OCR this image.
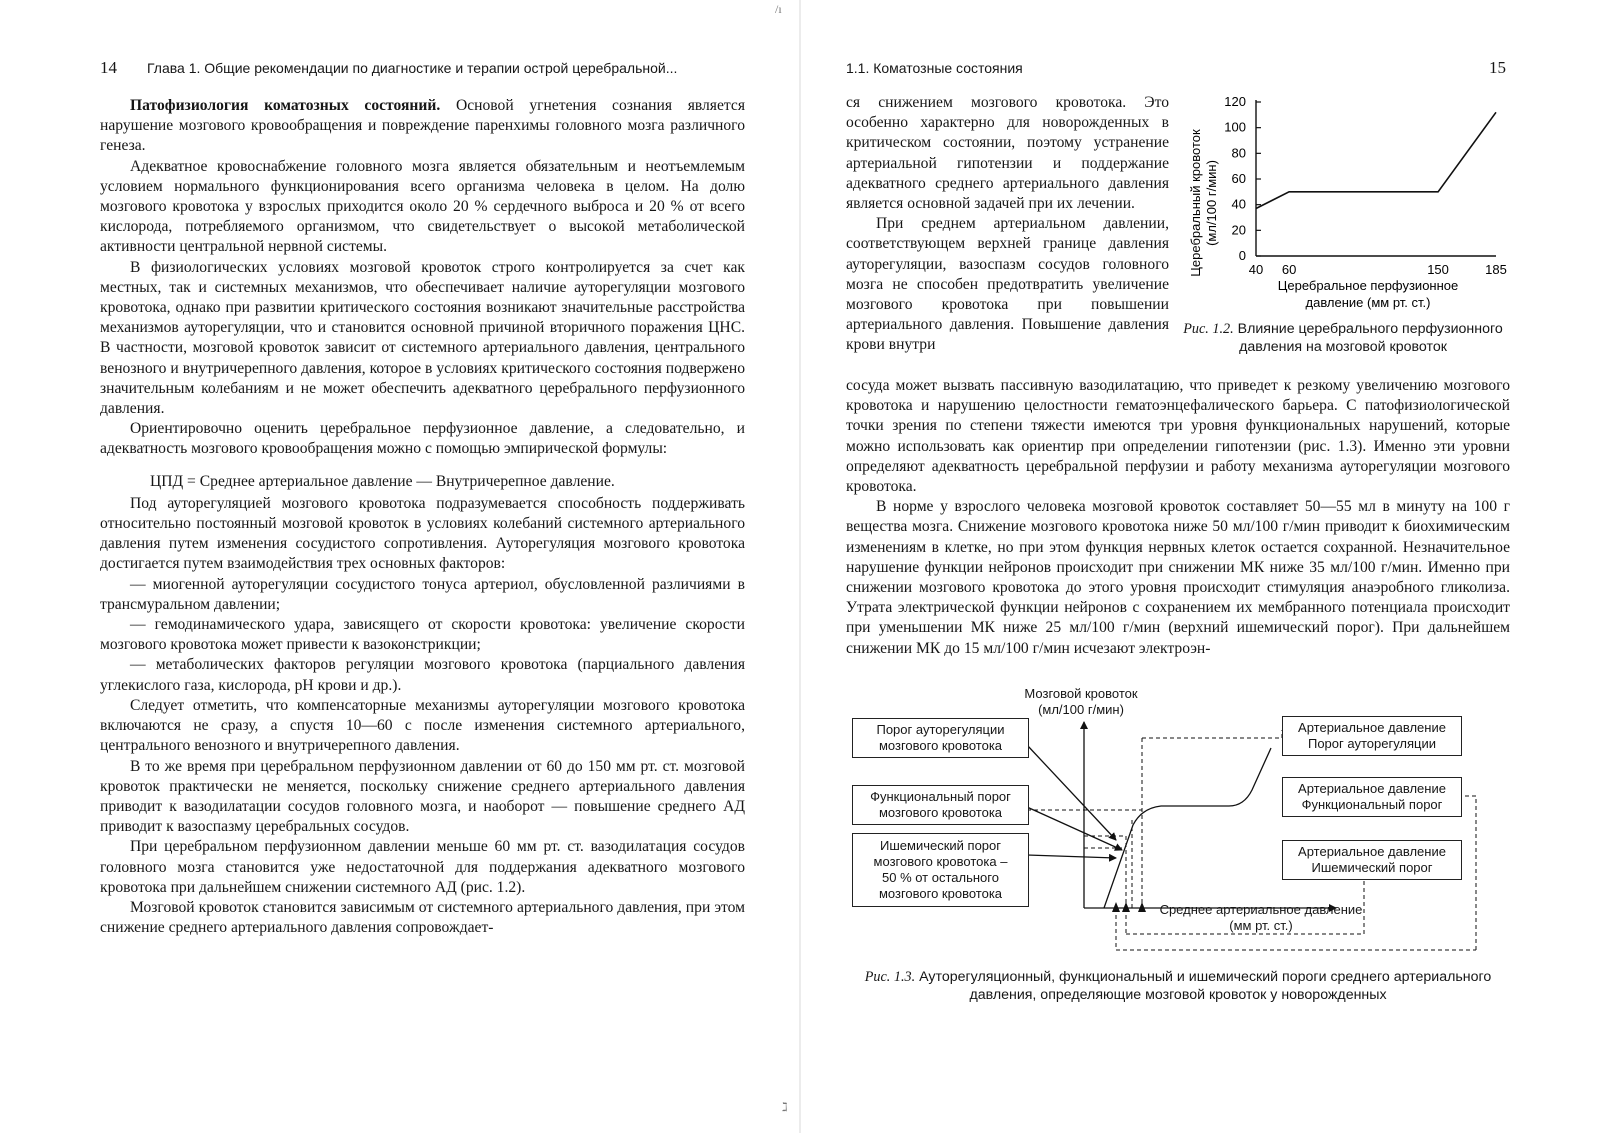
14 Глава 1. Общие рекомендации по диагностике и терапии острой церебральной...

Патофизиология коматозных состояний. Основой угнетения сознания является нарушение мозгового кровообращения и повреждение паренхимы головного мозга различного генеза.

Адекватное кровоснабжение головного мозга является обязательным и неотъемлемым условием нормального функционирования всего организма человека в целом. На долю мозгового кровотока у взрослых приходится около 20 % сердечного выброса и 20 % от всего кислорода, потребляемого организмом, что свидетельствует о высокой метаболической активности центральной нервной системы.

В физиологических условиях мозговой кровоток строго контролируется за счет как местных, так и системных механизмов, что обеспечивает наличие ауторегуляции мозгового кровотока, однако при развитии критического состояния возникают значительные расстройства механизмов ауторегуляции, что и становится основной причиной вторичного поражения ЦНС. В частности, мозговой кровоток зависит от системного артериального давления, центрального венозного и внутричерепного давления, которое в условиях критического состояния подвержено значительным колебаниям и не может обеспечить адекватного церебрального перфузионного давления.

Ориентировочно оценить церебральное перфузионное давление, а следовательно, и адекватность мозгового кровообращения можно с помощью эмпирической формулы:

ЦПД = Среднее артериальное давление — Внутричерепное давление.

Под ауторегуляцией мозгового кровотока подразумевается способность поддерживать относительно постоянный мозговой кровоток в условиях колебаний системного артериального давления путем изменения сосудистого сопротивления. Ауторегуляция мозгового кровотока достигается путем взаимодействия трех основных факторов:

— миогенной ауторегуляции сосудистого тонуса артериол, обусловленной различиями в трансмуральном давлении;

— гемодинамического удара, зависящего от скорости кровотока: увеличение скорости мозгового кровотока может привести к вазоконстрикции;

— метаболических факторов регуляции мозгового кровотока (парциального давления углекислого газа, кислорода, рН крови и др.).

Следует отметить, что компенсаторные механизмы ауторегуляции мозгового кровотока включаются не сразу, а спустя 10—60 с после изменения системного артериального, центрального венозного и внутричерепного давления.

В то же время при церебральном перфузионном давлении от 60 до 150 мм рт. ст. мозговой кровоток практически не меняется, поскольку снижение среднего артериального давления приводит к вазодилатации сосудов головного мозга, и наоборот — повышение среднего АД приводит к вазоспазму церебральных сосудов.

При церебральном перфузионном давлении меньше 60 мм рт. ст. вазодилатация сосудов головного мозга становится уже недостаточной для поддержания адекватного мозгового кровотока при дальнейшем снижении системного АД (рис. 1.2).

Мозговой кровоток становится зависимым от системного артериального давления, при этом снижение среднего артериального давления сопровождает-

1.1. Коматозные состояния	15

ся снижением мозгового кровотока. Это особенно характерно для новорожденных в критическом состоянии, поэтому устранение артериальной гипотензии и поддержание адекватного среднего артериального давления является основной задачей при их лечении.

При среднем артериальном давлении, соответствующем верхней границе давления ауторегуляции, вазоспазм сосудов головного мозга не способен предотвратить увеличение мозгового кровотока при повышении артериального давления. Повышение давления крови внутри

0
20
40
60
80
100
120
40 60	150	185
Церебральный кровоток (мл/100 г/мин)
Церебральное перфузионное
давление (мм рт. ст.)
Рис. 1.2. Влияние церебрального перфузионного давления на мозговой кровоток

сосуда может вызвать пассивную вазодилатацию, что приведет к резкому увеличению мозгового кровотока и нарушению целостности гематоэнцефалического барьера. С патофизиологической точки зрения по степени тяжести имеются три уровня функциональных нарушений, которые можно использовать как ориентир при определении гипотензии (рис. 1.3). Именно эти уровни определяют адекватность церебральной перфузии и работу механизма ауторегуляции мозгового кровотока.

В норме у взрослого человека мозговой кровоток составляет 50—55 мл в минуту на 100 г вещества мозга. Снижение мозгового кровотока ниже 50 мл/100 г/мин приводит к биохимическим изменениям в клетке, но при этом функция нервных клеток остается сохранной. Незначительное нарушение функции нейронов происходит при снижении МК ниже 35 мл/100 г/мин. Именно при снижении мозгового кровотока до этого уровня происходит стимуляция анаэробного гликолиза. Утрата электрической функции нейронов с сохранением их мембранного потенциала происходит при уменьшении МК ниже 25 мл/100 г/мин (верхний ишемический порог). При дальнейшем снижении МК до 15 мл/100 г/мин исчезают электроэн-

Мозговой кровоток
(мл/100 г/мин)
Среднее артериальное давление
(мм рт. ст.)
Порог ауторегуляции
мозгового кровотока
Функциональный порог
мозгового кровотока
Ишемический порог
мозгового кровотока –
50 % от остального
мозгового кровотока
Артериальное давление
Порог ауторегуляции
Артериальное давление
Функциональный порог
Артериальное давление
Ишемический порог
Рис. 1.3. Ауторегуляционный, функциональный и ишемический пороги среднего артериального давления, определяющие мозговой кровоток у новорожденных
/ı
ℷ
